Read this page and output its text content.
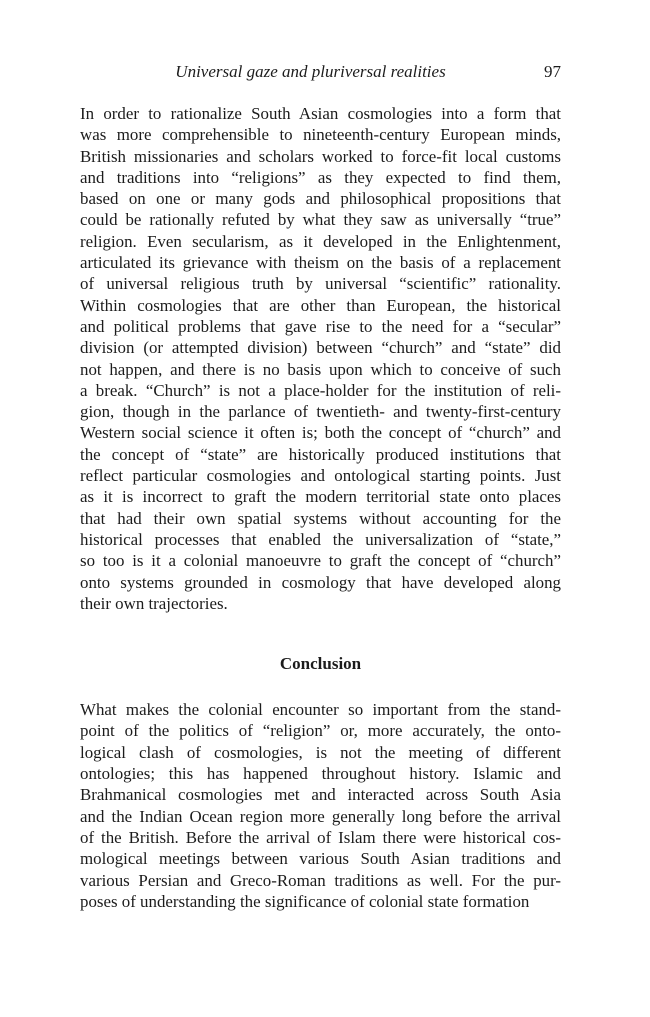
Universal gaze and pluriversal realities	97

In order to rationalize South Asian cosmologies into a form that
was more comprehensible to nineteenth-century European minds,
British missionaries and scholars worked to force-fit local customs
and traditions into “religions” as they expected to find them,
based on one or many gods and philosophical propositions that
could be rationally refuted by what they saw as universally “true”
religion. Even secularism, as it developed in the Enlightenment,
articulated its grievance with theism on the basis of a replacement
of universal religious truth by universal “scientific” rationality.
Within cosmologies that are other than European, the historical
and political problems that gave rise to the need for a “secular”
division (or attempted division) between “church” and “state” did
not happen, and there is no basis upon which to conceive of such
a break. “Church” is not a place-holder for the institution of reli-
gion, though in the parlance of twentieth- and twenty-first-century
Western social science it often is; both the concept of “church” and
the concept of “state” are historically produced institutions that
reflect particular cosmologies and ontological starting points. Just
as it is incorrect to graft the modern territorial state onto places
that had their own spatial systems without accounting for the
historical processes that enabled the universalization of “state,”
so too is it a colonial manoeuvre to graft the concept of “church”
onto systems grounded in cosmology that have developed along
their own trajectories.

Conclusion

What makes the colonial encounter so important from the stand-
point of the politics of “religion” or, more accurately, the onto-
logical clash of cosmologies, is not the meeting of different
ontologies; this has happened throughout history. Islamic and
Brahmanical cosmologies met and interacted across South Asia
and the Indian Ocean region more generally long before the arrival
of the British. Before the arrival of Islam there were historical cos-
mological meetings between various South Asian traditions and
various Persian and Greco-Roman traditions as well. For the pur-
poses of understanding the significance of colonial state formation
